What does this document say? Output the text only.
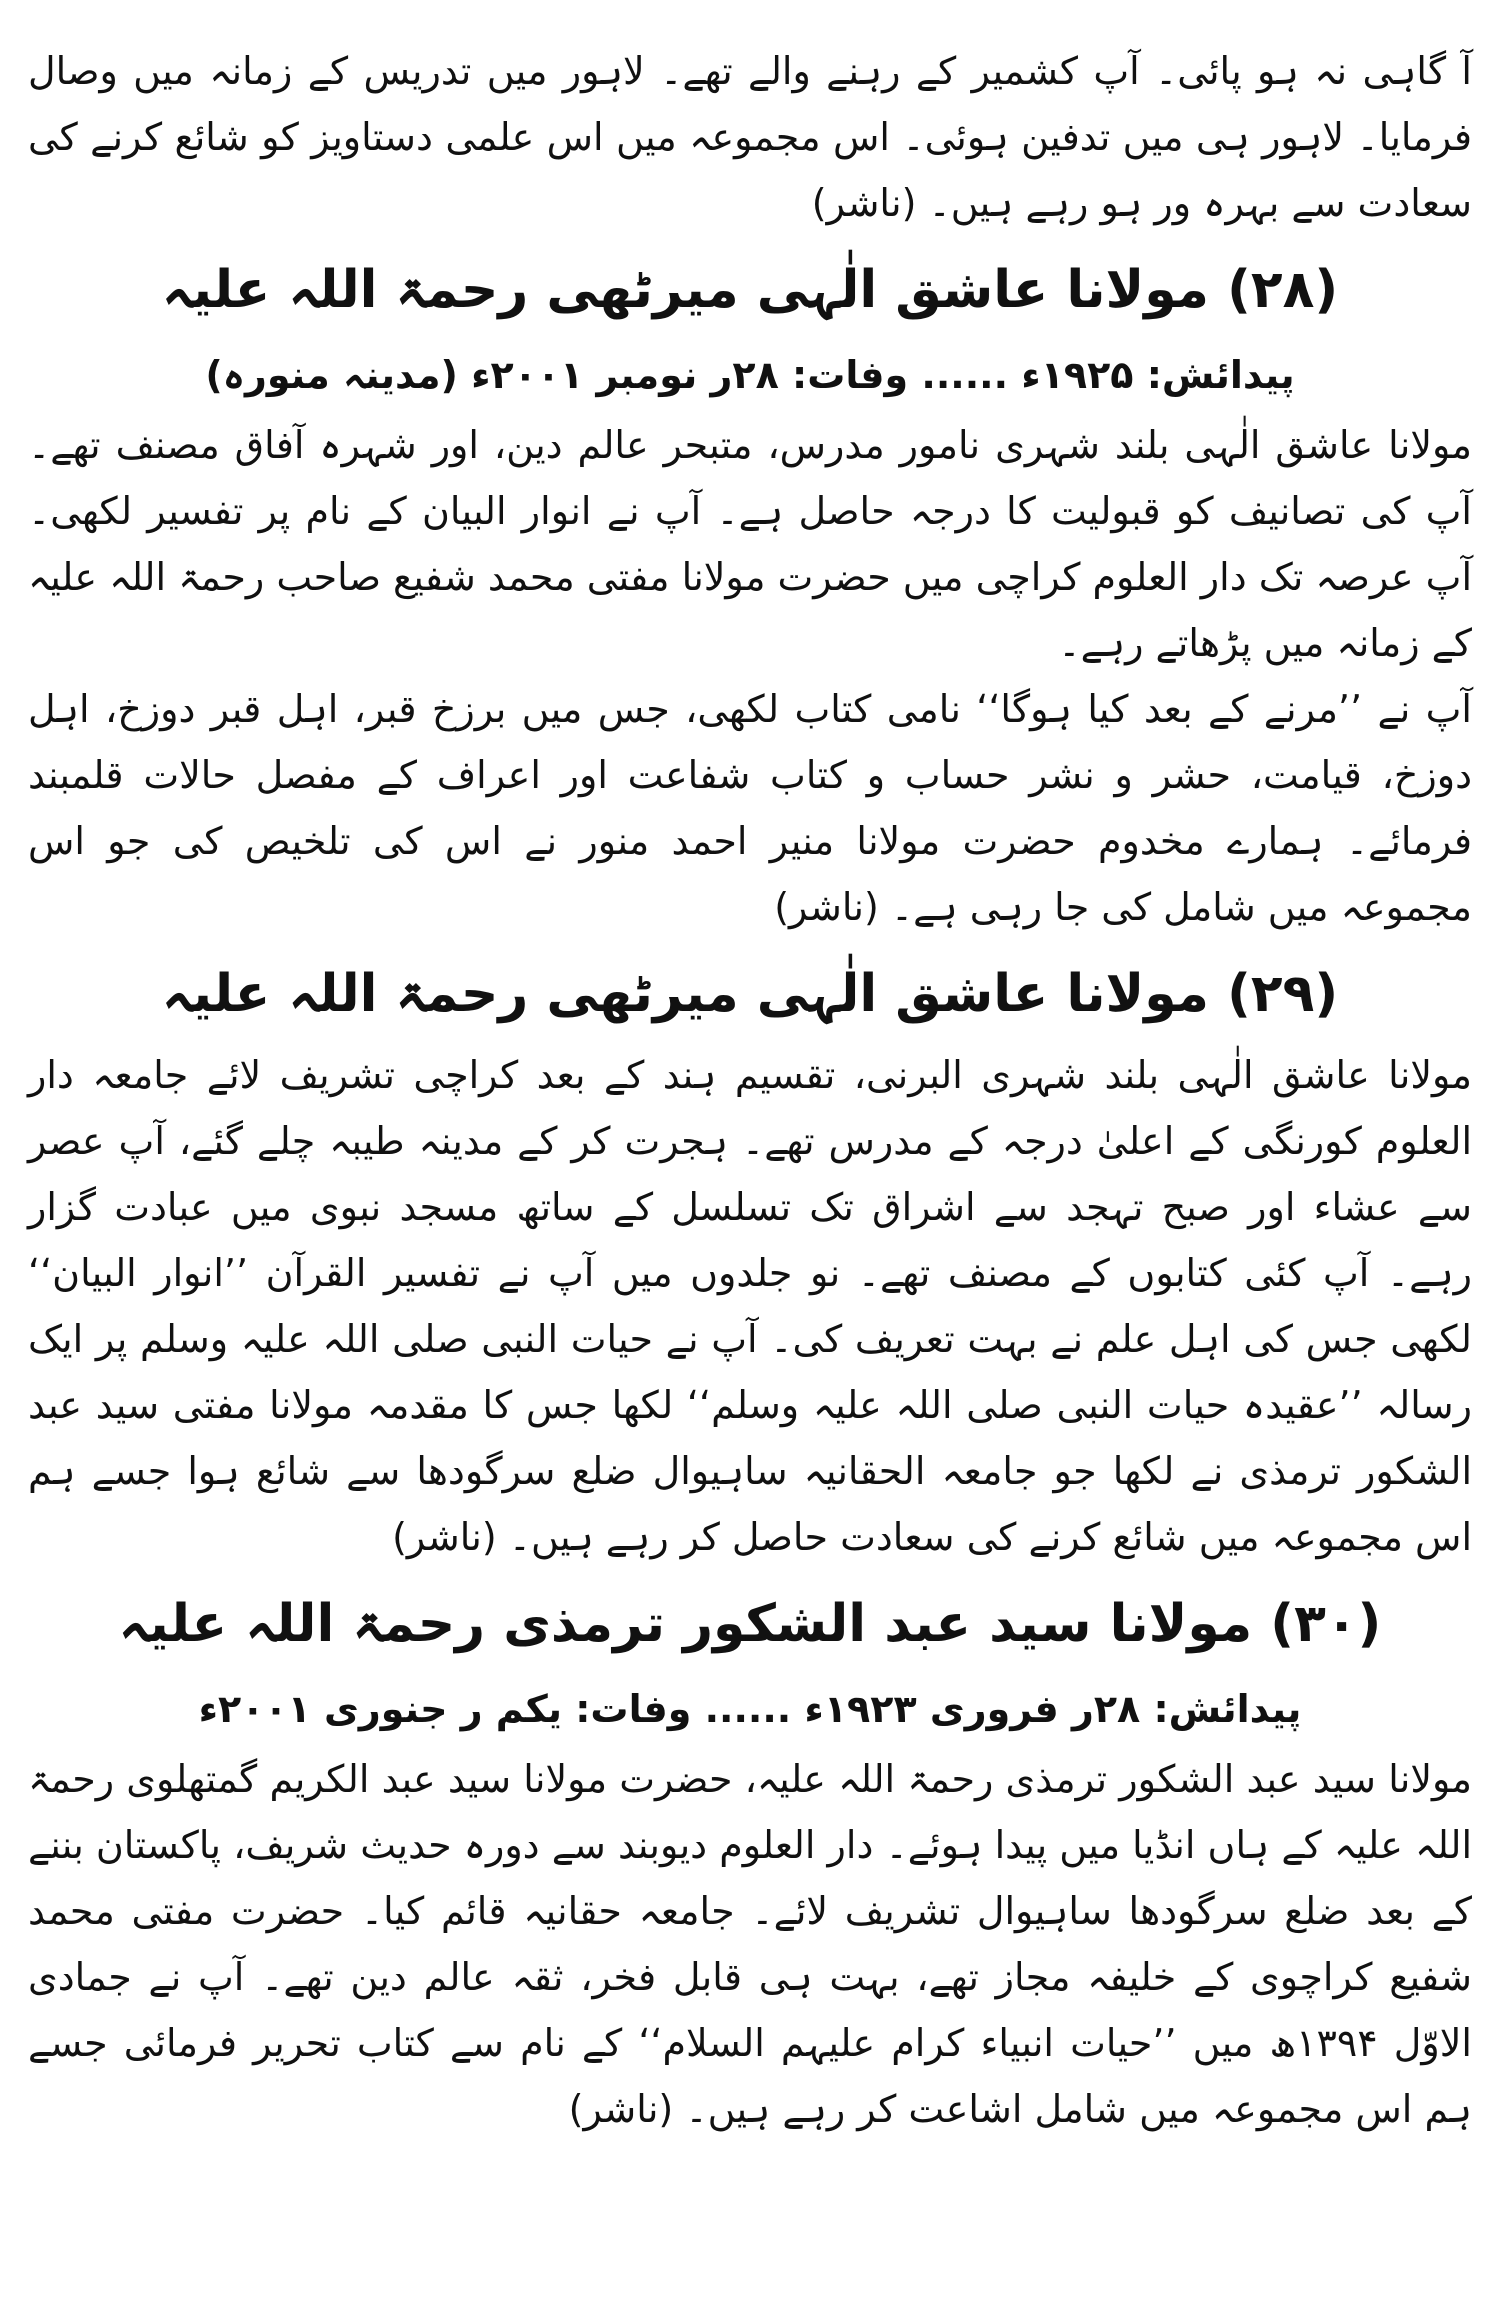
آ گاہی نہ ہو پائی۔ آپ کشمیر کے رہنے والے تھے۔ لاہور میں تدریس کے زمانہ میں وصال فرمایا۔ لاہور ہی میں تدفین ہوئی۔ اس مجموعہ میں اس علمی دستاویز کو شائع کرنے کی سعادت سے بہرہ ور ہو رہے ہیں۔ (ناشر)

(۲۸) مولانا عاشق الٰہی میرٹھی رحمۃ اللہ علیہ

پیدائش: ۱۹۲۵ء ...... وفات: ۲۸ر نومبر ۲۰۰۱ء (مدینہ منورہ)

مولانا عاشق الٰہی بلند شہری نامور مدرس، متبحر عالم دین، اور شہرہ آفاق مصنف تھے۔ آپ کی تصانیف کو قبولیت کا درجہ حاصل ہے۔ آپ نے انوار البیان کے نام پر تفسیر لکھی۔ آپ عرصہ تک دار العلوم کراچی میں حضرت مولانا مفتی محمد شفیع صاحب رحمۃ اللہ علیہ کے زمانہ میں پڑھاتے رہے۔

آپ نے ’’مرنے کے بعد کیا ہوگا‘‘ نامی کتاب لکھی، جس میں برزخ قبر، اہل قبر دوزخ، اہل دوزخ، قیامت، حشر و نشر حساب و کتاب شفاعت اور اعراف کے مفصل حالات قلمبند فرمائے۔ ہمارے مخدوم حضرت مولانا منیر احمد منور نے اس کی تلخیص کی جو اس مجموعہ میں شامل کی جا رہی ہے۔ (ناشر)

(۲۹) مولانا عاشق الٰہی میرٹھی رحمۃ اللہ علیہ

مولانا عاشق الٰہی بلند شہری البرنی، تقسیم ہند کے بعد کراچی تشریف لائے جامعہ دار العلوم کورنگی کے اعلیٰ درجہ کے مدرس تھے۔ ہجرت کر کے مدینہ طیبہ چلے گئے، آپ عصر سے عشاء اور صبح تہجد سے اشراق تک تسلسل کے ساتھ مسجد نبوی میں عبادت گزار رہے۔ آپ کئی کتابوں کے مصنف تھے۔ نو جلدوں میں آپ نے تفسیر القرآن ’’انوار البیان‘‘ لکھی جس کی اہل علم نے بہت تعریف کی۔ آپ نے حیات النبی صلی اللہ علیہ وسلم پر ایک رسالہ ’’عقیدہ حیات النبی صلی اللہ علیہ وسلم‘‘ لکھا جس کا مقدمہ مولانا مفتی سید عبد الشکور ترمذی نے لکھا جو جامعہ الحقانیہ ساہیوال ضلع سرگودھا سے شائع ہوا جسے ہم اس مجموعہ میں شائع کرنے کی سعادت حاصل کر رہے ہیں۔ (ناشر)

(۳۰) مولانا سید عبد الشکور ترمذی رحمۃ اللہ علیہ

پیدائش: ۲۸ر فروری ۱۹۲۳ء ...... وفات: یکم ر جنوری ۲۰۰۱ء

مولانا سید عبد الشکور ترمذی رحمۃ اللہ علیہ، حضرت مولانا سید عبد الکریم گمتھلوی رحمۃ اللہ علیہ کے ہاں انڈیا میں پیدا ہوئے۔ دار العلوم دیوبند سے دورہ حدیث شریف، پاکستان بننے کے بعد ضلع سرگودھا ساہیوال تشریف لائے۔ جامعہ حقانیہ قائم کیا۔ حضرت مفتی محمد شفیع کراچوی کے خلیفہ مجاز تھے، بہت ہی قابل فخر، ثقہ عالم دین تھے۔ آپ نے جمادی الاوّل ۱۳۹۴ھ میں ’’حیات انبیاء کرام علیہم السلام‘‘ کے نام سے کتاب تحریر فرمائی جسے ہم اس مجموعہ میں شامل اشاعت کر رہے ہیں۔ (ناشر)
